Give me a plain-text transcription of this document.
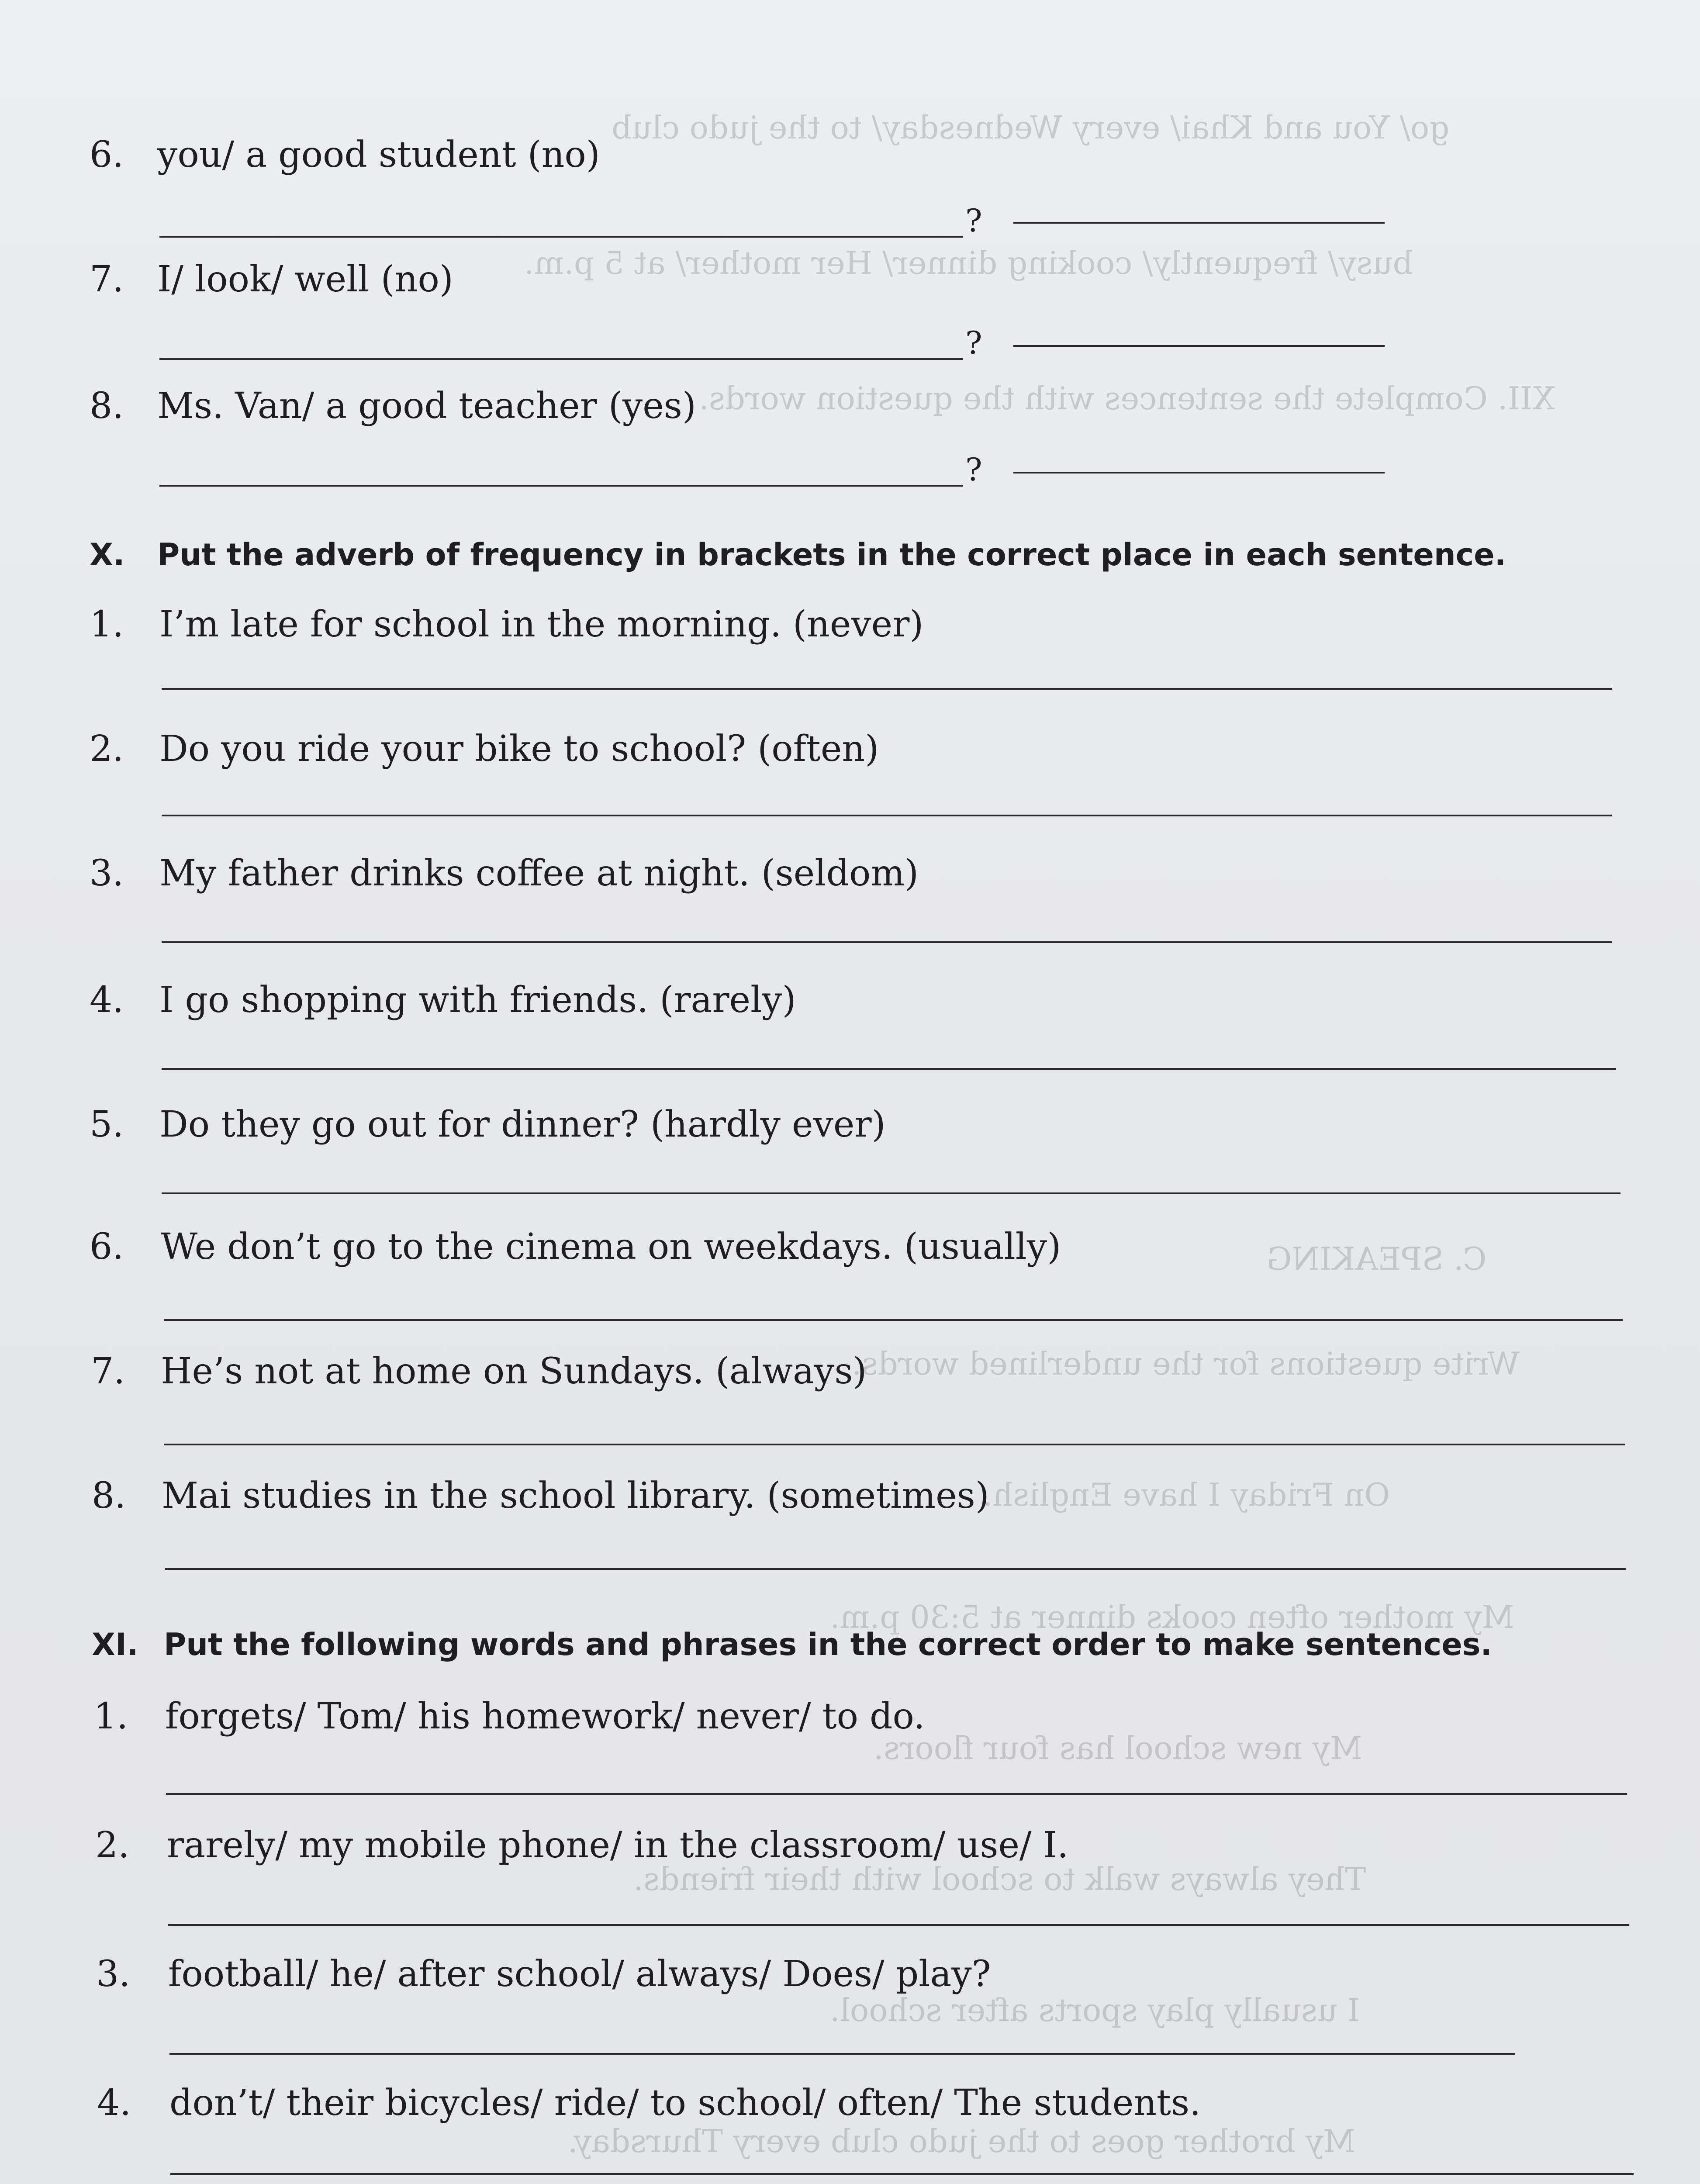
go/ You and Khai/ every Wednesday/ to the judo club
busy/ frequently/ cooking dinner/ Her mother/ at 5 p.m.
XII. Complete the sentences with the question words.
C. SPEAKING
Write questions for the underlined words.
On Friday I have English.
My mother often cooks dinner at 5:30 p.m.
My new school has four floors.
They always walk to school with their friends.
I usually play sports after school.
My brother goes to the judo club every Thursday.
6. you/ a good student (no)
?
7. I/ look/ well (no)
?
8. Ms. Van/ a good teacher (yes)
?
X. Put the adverb of frequency in brackets in the correct place in each sentence.
1. I’m late for school in the morning. (never)
2. Do you ride your bike to school? (often)
3. My father drinks coffee at night. (seldom)
4. I go shopping with friends. (rarely)
5. Do they go out for dinner? (hardly ever)
6. We don’t go to the cinema on weekdays. (usually)
7. He’s not at home on Sundays. (always)
8. Mai studies in the school library. (sometimes)
XI. Put the following words and phrases in the correct order to make sentences.
1. forgets/ Tom/ his homework/ never/ to do.
2. rarely/ my mobile phone/ in the classroom/ use/ I.
3. football/ he/ after school/ always/ Does/ play?
4. don’t/ their bicycles/ ride/ to school/ often/ The students.
